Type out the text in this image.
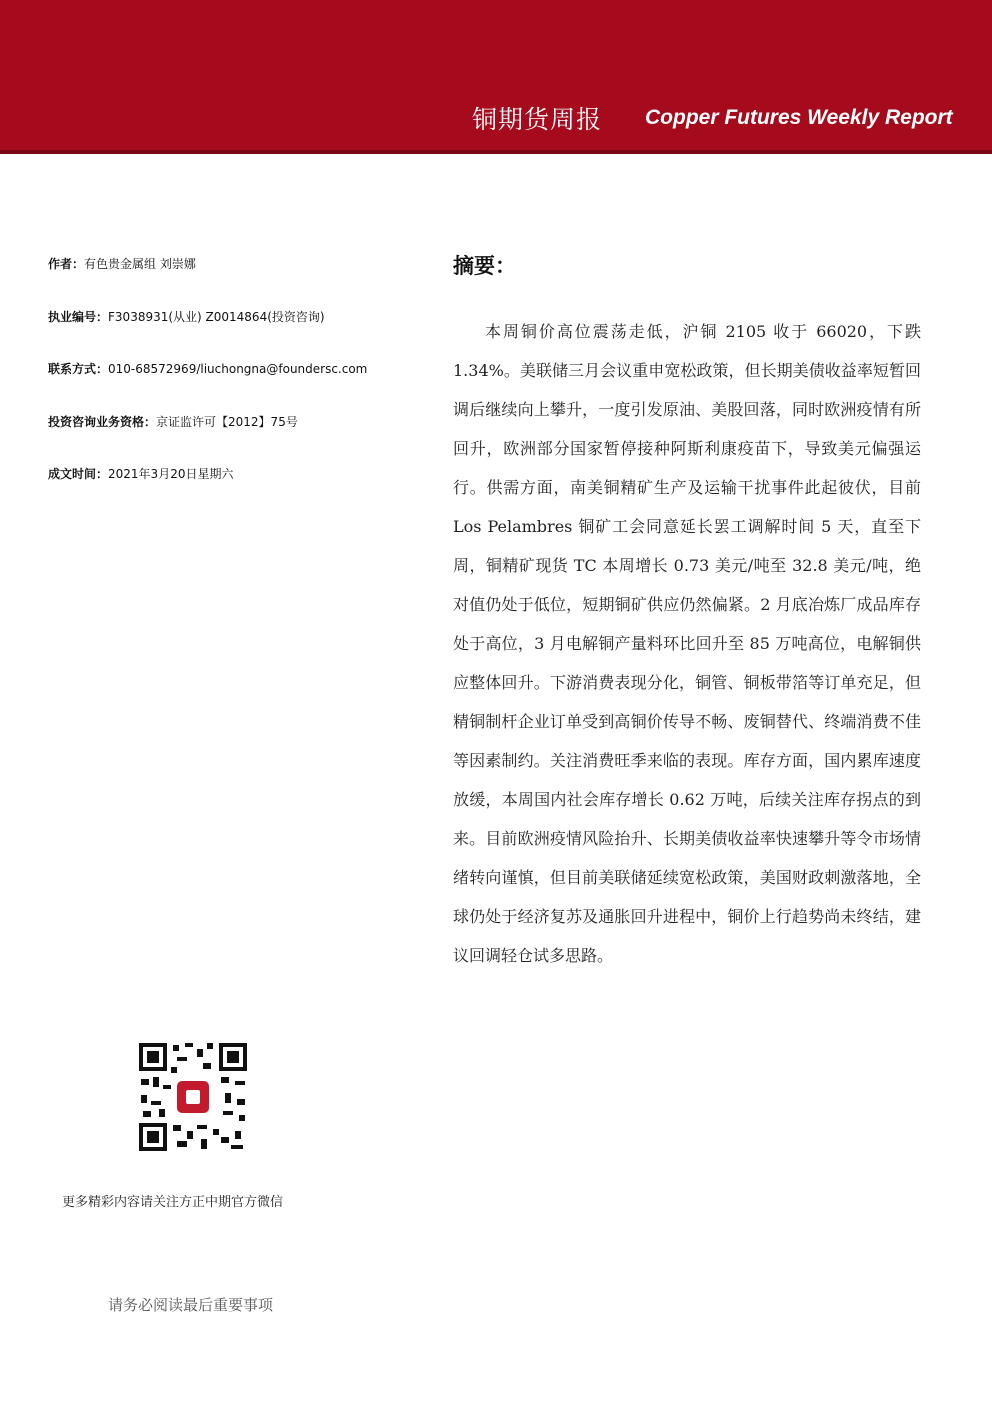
铜期货周报 Copper Futures Weekly Report
作者：有色贵金属组 刘崇娜
执业编号：F3038931(从业) Z0014864(投资咨询)
联系方式：010-68572969/liuchongna@foundersc.com
投资咨询业务资格：京证监许可【2012】75号
成文时间：2021年3月20日星期六
摘要：
本周铜价高位震荡走低，沪铜 2105 收于 66020，下跌 1.34%。美联储三月会议重申宽松政策，但长期美债收益率短暂回调后继续向上攀升，一度引发原油、美股回落，同时欧洲疫情有所回升，欧洲部分国家暂停接种阿斯利康疫苗下，导致美元偏强运行。供需方面，南美铜精矿生产及运输干扰事件此起彼伏，目前 Los Pelambres 铜矿工会同意延长罢工调解时间 5 天，直至下周，铜精矿现货 TC 本周增长 0.73 美元/吨至 32.8 美元/吨，绝对值仍处于低位，短期铜矿供应仍然偏紧。2 月底冶炼厂成品库存处于高位，3 月电解铜产量料环比回升至 85 万吨高位，电解铜供应整体回升。下游消费表现分化，铜管、铜板带箔等订单充足，但精铜制杆企业订单受到高铜价传导不畅、废铜替代、终端消费不佳等因素制约。关注消费旺季来临的表现。库存方面，国内累库速度放缓，本周国内社会库存增长 0.62 万吨，后续关注库存拐点的到来。目前欧洲疫情风险抬升、长期美债收益率快速攀升等令市场情绪转向谨慎，但目前美联储延续宽松政策，美国财政刺激落地，全球仍处于经济复苏及通胀回升进程中，铜价上行趋势尚未终结，建议回调轻仓试多思路。
更多精彩内容请关注方正中期官方微信
请务必阅读最后重要事项
